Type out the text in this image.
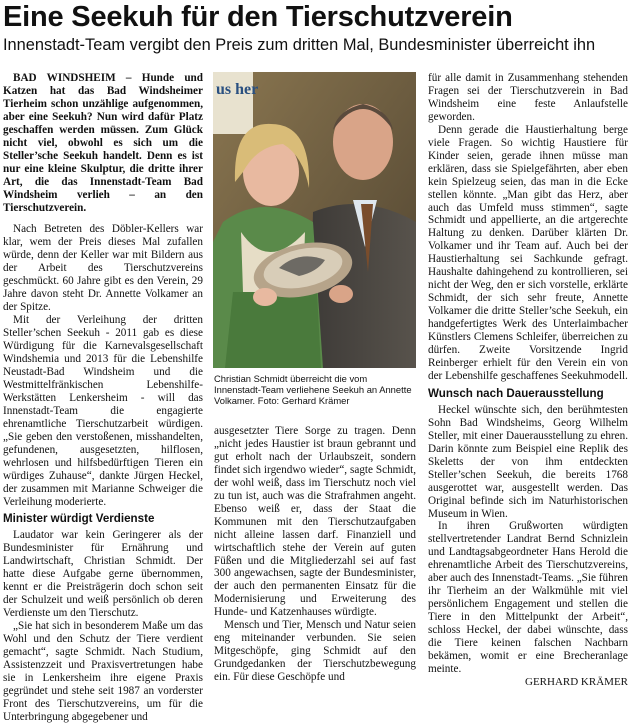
Eine Seekuh für den Tierschutzverein
Innenstadt-Team vergibt den Preis zum dritten Mal, Bundesminister überreicht ihn

BAD WINDSHEIM – Hunde und Katzen hat das Bad Windsheimer Tierheim schon unzählige aufgenommen, aber eine Seekuh? Nun wird dafür Platz geschaffen werden müssen. Zum Glück nicht viel, obwohl es sich um die Steller’sche Seekuh handelt. Denn es ist nur eine kleine Skulptur, die dritte ihrer Art, die das Innenstadt-Team Bad Windsheim verlieh – an den Tierschutzverein.

Nach Betreten des Döbler-Kellers war klar, wem der Preis dieses Mal zufallen würde, denn der Keller war mit Bildern aus der Arbeit des Tierschutzvereins geschmückt. 60 Jahre gibt es den Verein, 29 Jahre davon steht Dr. Annette Volkamer an der Spitze.

Mit der Verleihung der dritten Steller’schen Seekuh - 2011 gab es diese Würdigung für die Karnevalsgesellschaft Windshemia und 2013 für die Lebenshilfe Neustadt-Bad Windsheim und die Westmittelfränkischen Lebenshilfe-Werkstätten Lenkersheim - will das Innenstadt-Team die engagierte ehrenamtliche Tierschutzarbeit würdigen. „Sie geben den verstoßenen, misshandelten, gefundenen, ausgesetzten, hilflosen, wehrlosen und hilfsbedürftigen Tieren ein würdiges Zuhause“, dankte Jürgen Heckel, der zusammen mit Marianne Schweiger die Verleihung moderierte.

Minister würdigt Verdienste

Laudator war kein Geringerer als der Bundesminister für Ernährung und Landwirtschaft, Christian Schmidt. Der hatte diese Aufgabe gerne übernommen, kennt er die Preisträgerin doch schon seit der Schulzeit und weiß persönlich ob deren Verdienste um den Tierschutz.

„Sie hat sich in besonderem Maße um das Wohl und den Schutz der Tiere verdient gemacht“, sagte Schmidt. Nach Studium, Assistenzzeit und Praxisvertretungen habe sie in Lenkersheim ihre eigene Praxis gegründet und stehe seit 1987 an vorderster Front des Tierschutzvereins, um für die Unterbringung abgegebener und

us her
Christian Schmidt überreicht die vom Innenstadt-Team verliehene Seekuh an Annette Volkamer. Foto: Gerhard Krämer

ausgesetzter Tiere Sorge zu tragen. Denn „nicht jedes Haustier ist braun gebrannt und gut erholt nach der Urlaubszeit, sondern findet sich irgendwo wieder“, sagte Schmidt, der wohl weiß, dass im Tierschutz noch viel zu tun ist, auch was die Strafrahmen angeht. Ebenso weiß er, dass der Staat die Kommunen mit den Tierschutzaufgaben nicht alleine lassen darf. Finanziell und wirtschaftlich stehe der Verein auf guten Füßen und die Mitgliederzahl sei auf fast 300 angewachsen, sagte der Bundesminister, der auch den permanenten Einsatz für die Modernisierung und Erweiterung des Hunde- und Katzenhauses würdigte.

Mensch und Tier, Mensch und Natur seien eng miteinander verbunden. Sie seien Mitgeschöpfe, ging Schmidt auf den Grundgedanken der Tierschutzbewegung ein. Für diese Geschöpfe und

für alle damit in Zusammenhang stehenden Fragen sei der Tierschutzverein in Bad Windsheim eine feste Anlaufstelle geworden.

Denn gerade die Haustierhaltung berge viele Fragen. So wichtig Haustiere für Kinder seien, gerade ihnen müsse man erklären, dass sie Spielgefährten, aber eben kein Spielzeug seien, das man in die Ecke stellen könnte. „Man gibt das Herz, aber auch das Umfeld muss stimmen“, sagte Schmidt und appellierte, an die artgerechte Haltung zu denken. Darüber klärten Dr. Volkamer und ihr Team auf. Auch bei der Haustierhaltung sei Sachkunde gefragt. Haushalte dahingehend zu kontrollieren, sei nicht der Weg, den er sich vorstelle, erklärte Schmidt, der sich sehr freute, Annette Volkamer die dritte Steller’sche Seekuh, ein handgefertigtes Werk des Unterlaimbacher Künstlers Clemens Schleifer, überreichen zu dürfen. Zweite Vorsitzende Ingrid Reinberger erhielt für den Verein ein von der Lebenshilfe geschaffenes Seekuhmodell.

Wunsch nach Dauerausstellung

Heckel wünschte sich, den berühmtesten Sohn Bad Windsheims, Georg Wilhelm Steller, mit einer Dauerausstellung zu ehren. Darin könnte zum Beispiel eine Replik des Skeletts der von ihm entdeckten Steller’schen Seekuh, die bereits 1768 ausgerottet war, ausgestellt werden. Das Original befinde sich im Naturhistorischen Museum in Wien.

In ihren Grußworten würdigten stellvertretender Landrat Bernd Schnizlein und Landtagsabgeordneter Hans Herold die ehrenamtliche Arbeit des Tierschutzvereins, aber auch des Innenstadt-Teams. „Sie führen ihr Tierheim an der Walkmühle mit viel persönlichem Engagement und stellen die Tiere in den Mittelpunkt der Arbeit“, schloss Heckel, der dabei wünschte, dass die Tiere keinen falschen Nachbarn bekämen, womit er eine Brecheranlage meinte.

GERHARD KRÄMER
